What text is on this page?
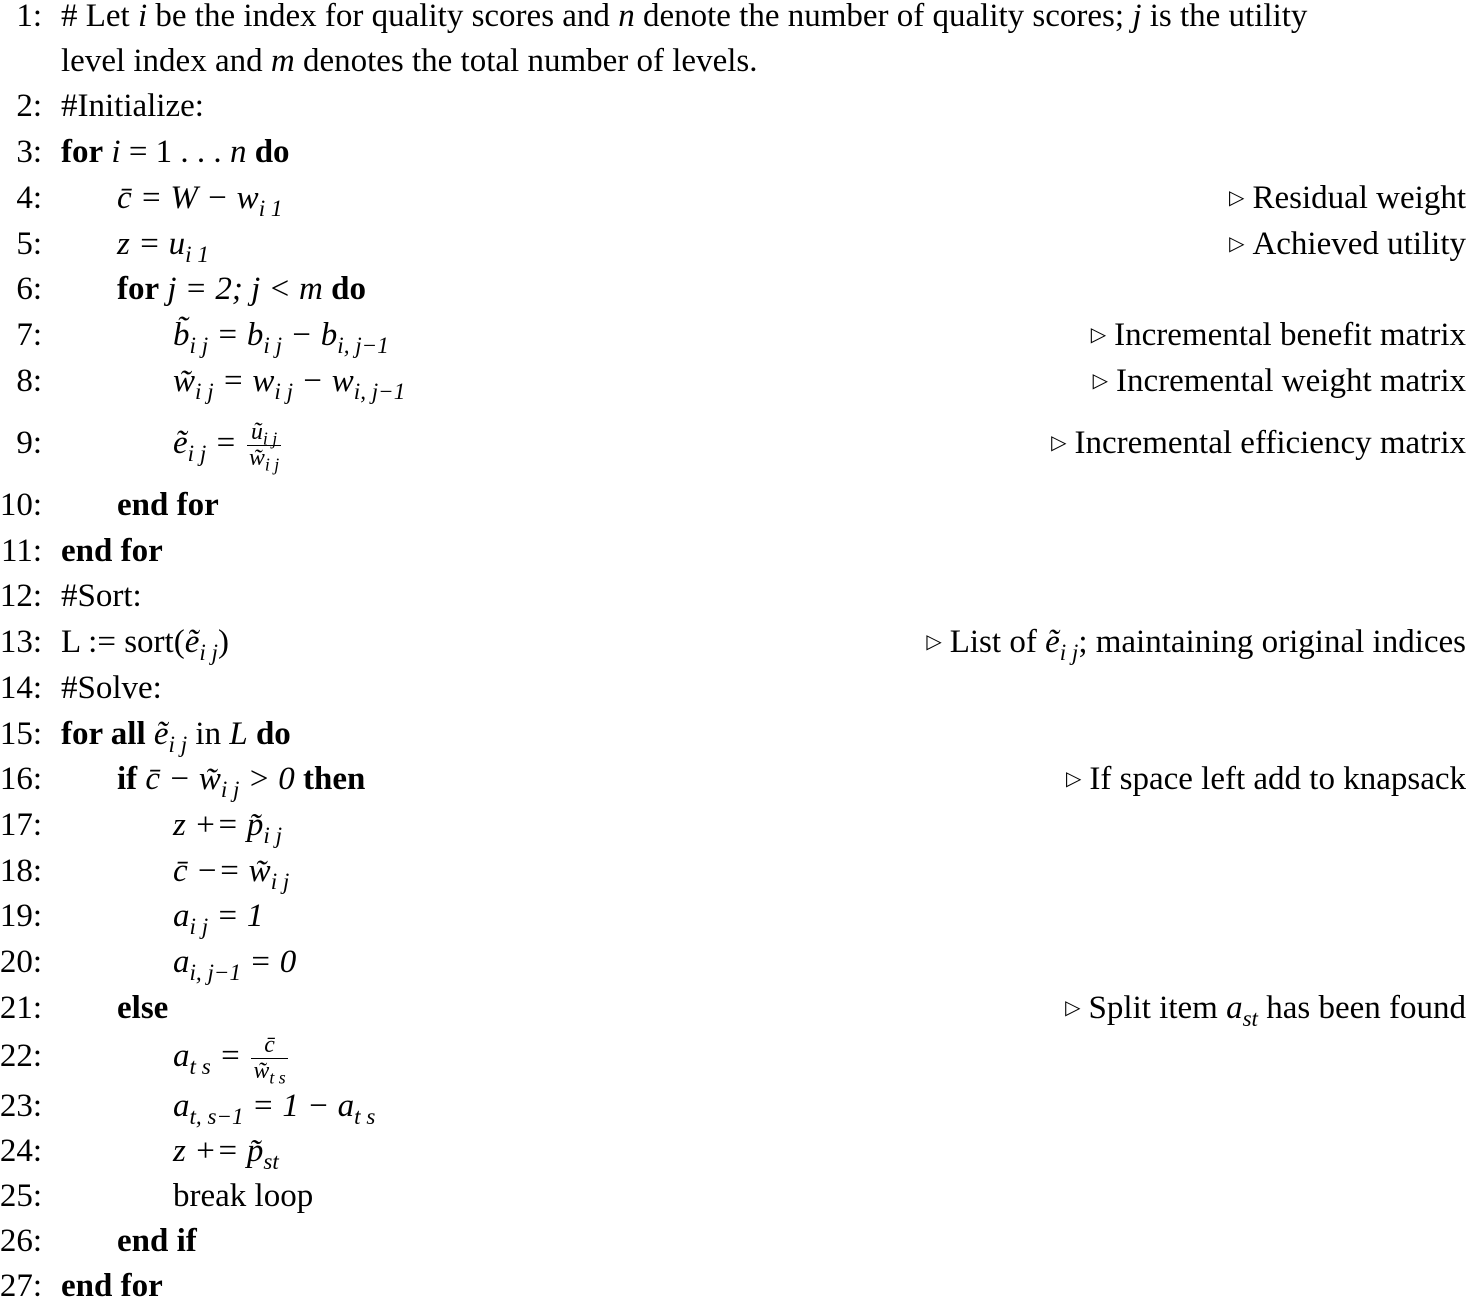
1: # Let i be the index for quality scores and n denote the number of quality scores; j is the utility
level index and m denotes the total number of levels.
2: #Initialize:
3: for i = 1 . . . n do
4: c̄ = $W - w_{i 1}$	▷ Residual weight
5: $z = u_{i 1}$	▷ Achieved utility
6: for j = 2; j < m do
7:	$b̃_{i j} = b_{i j} - b_{i, j-1}$	▷ Incremental benefit matrix
8:	$w̃_{i j} = w_{i j} - w_{i, j-1}$	▷ Incremental weight matrix
9:	ẽ$_{i j}$ = $\frac{ũ_{i j}}{w̃_{i j}}$	▷ Incremental efficiency matrix
10: end for
11: end for
12: #Sort:
13: L := sort(ẽ$_{i j}$)	▷ List of ẽ$_{i j}$; maintaining original indices
14: #Solve:
15: for all ẽ$_{i j}$ in L do
16: if c̄ − $w̃_{i j} > 0$ then	▷ If space left add to knapsack
17:	$z += p̃_{i j}$
18:	c̄ −= $w̃_{i j}$
19:	$a_{i j} = 1$
20:	$a_{i, j-1} = 0$
21: else	▷ Split item $a_{st}$ has been found
22:	$a_{t s} = \frac{c̄}{w̃_{t s}}$
23:	$a_{t, s-1} = 1 - a_{t s}$
24:	$z += p̃_{st}$
25:	break loop
26: end if
27: end for
